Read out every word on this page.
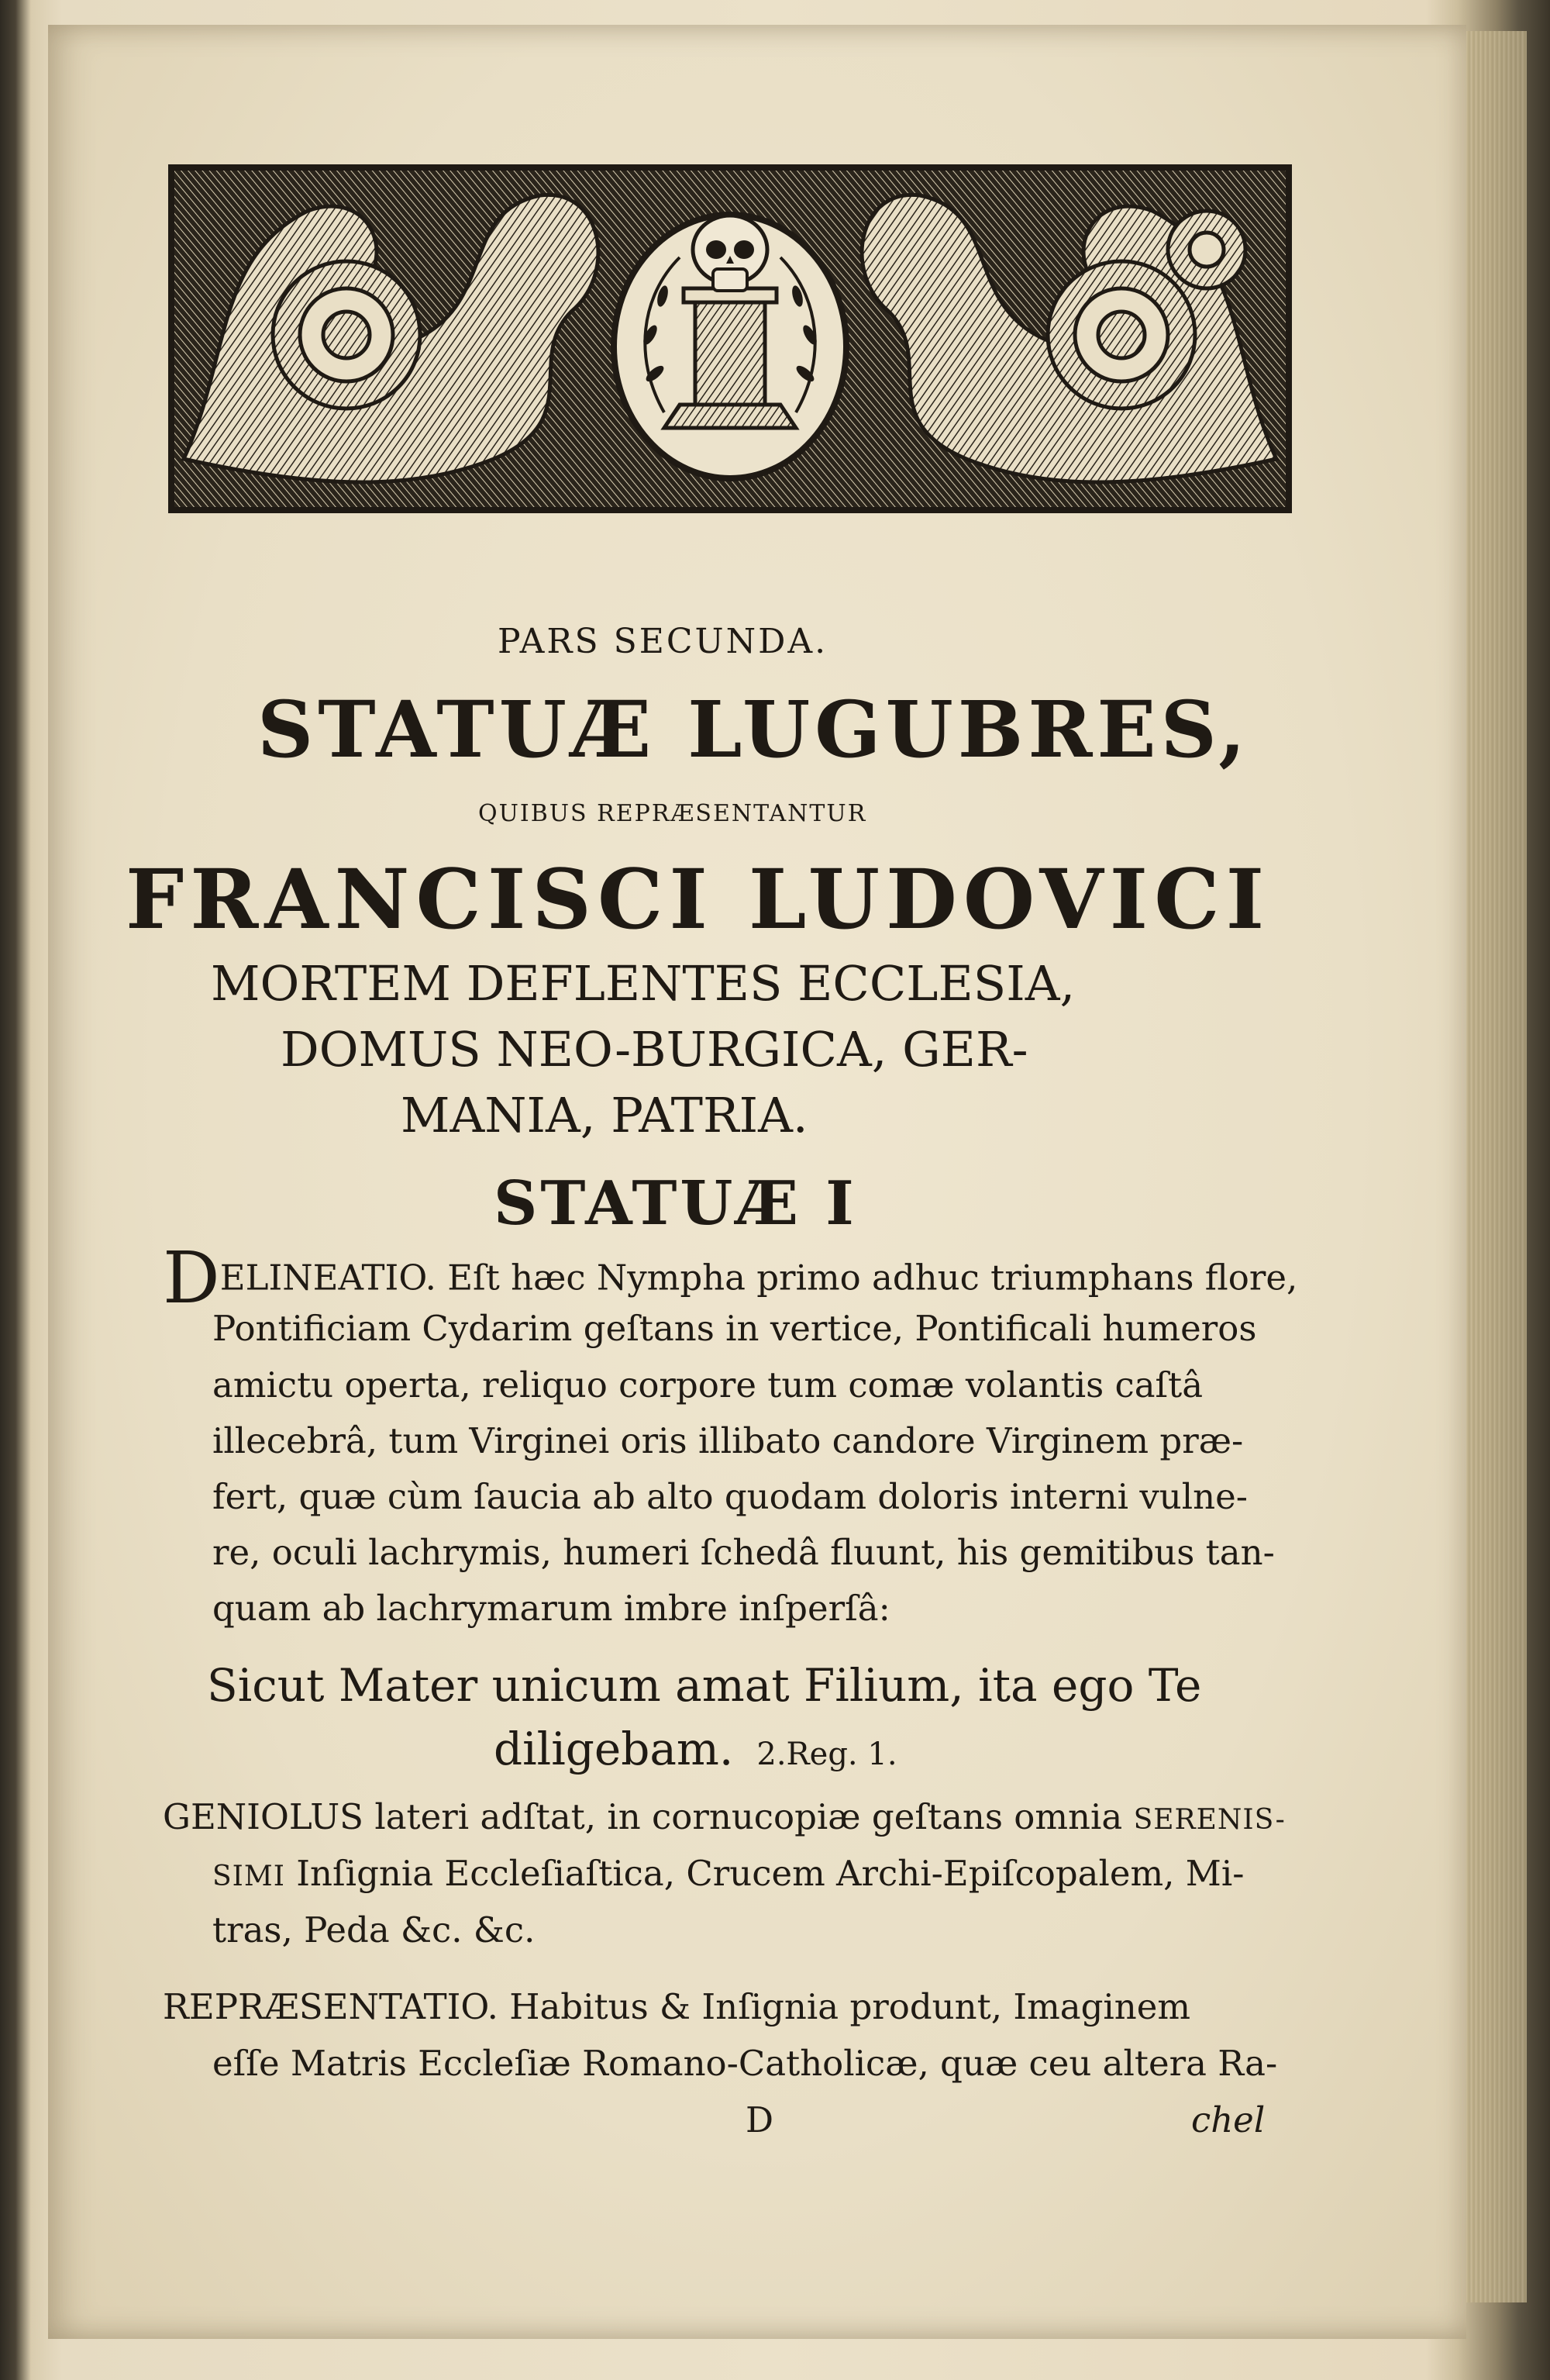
PARS SECUNDA.
STATUÆ LUGUBRES,
QUIBUS REPRÆSENTANTUR
FRANCISCI LUDOVICI
MORTEM DEFLENTES ECCLESIA,
DOMUS NEO-BURGICA, GER-
MANIA, PATRIA.
STATUÆ I
DELINEATIO. Eſt hæc Nympha primo adhuc triumphans flore,
Pontificiam Cydarim geſtans in vertice, Pontificali humeros
amictu operta, reliquo corpore tum comæ volantis caſtâ
illecebrâ, tum Virginei oris illibato candore Virginem præ-
fert, quæ cùm ſaucia ab alto quodam doloris interni vulne-
re, oculi lachrymis, humeri ſchedâ fluunt, his gemitibus tan-
quam ab lachrymarum imbre inſperſâ:
Sicut Mater unicum amat Filium, ita ego Te
diligebam. 2.Reg. 1.
GENIOLUS lateri adſtat, in cornucopiæ geſtans omnia SERENIS-
SIMI Inſignia Eccleſiaſtica, Crucem Archi-Epiſcopalem, Mi-
tras, Peda &c. &c.
REPRÆSENTATIO. Habitus & Inſignia produnt, Imaginem
eſſe Matris Eccleſiæ Romano-Catholicæ, quæ ceu altera Ra-
D	chel
